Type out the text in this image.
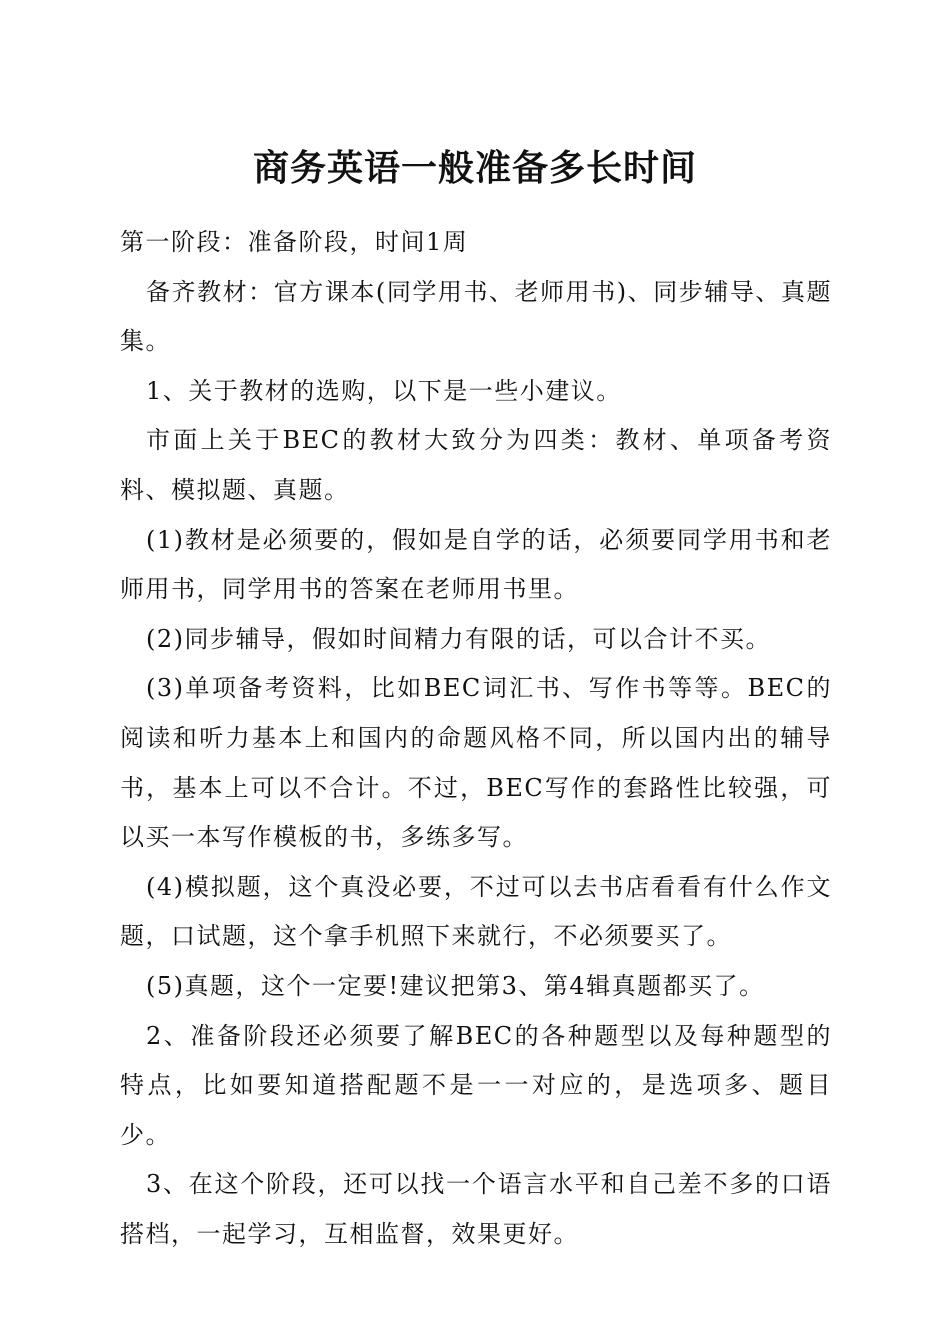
商务英语一般准备多长时间

第一阶段：准备阶段，时间1周

备齐教材：官方课本(同学用书、老师用书)、同步辅导、真题集。

1、关于教材的选购，以下是一些小建议。

市面上关于BEC的教材大致分为四类：教材、单项备考资料、模拟题、真题。

(1)教材是必须要的，假如是自学的话，必须要同学用书和老师用书，同学用书的答案在老师用书里。

(2)同步辅导，假如时间精力有限的话，可以合计不买。

(3)单项备考资料，比如BEC词汇书、写作书等等。BEC的阅读和听力基本上和国内的命题风格不同，所以国内出的辅导书，基本上可以不合计。不过，BEC写作的套路性比较强，可以买一本写作模板的书，多练多写。

(4)模拟题，这个真没必要，不过可以去书店看看有什么作文题，口试题，这个拿手机照下来就行，不必须要买了。

(5)真题，这个一定要!建议把第3、第4辑真题都买了。

2、准备阶段还必须要了解BEC的各种题型以及每种题型的特点，比如要知道搭配题不是一一对应的，是选项多、题目少。

3、在这个阶段，还可以找一个语言水平和自己差不多的口语搭档，一起学习，互相监督，效果更好。
